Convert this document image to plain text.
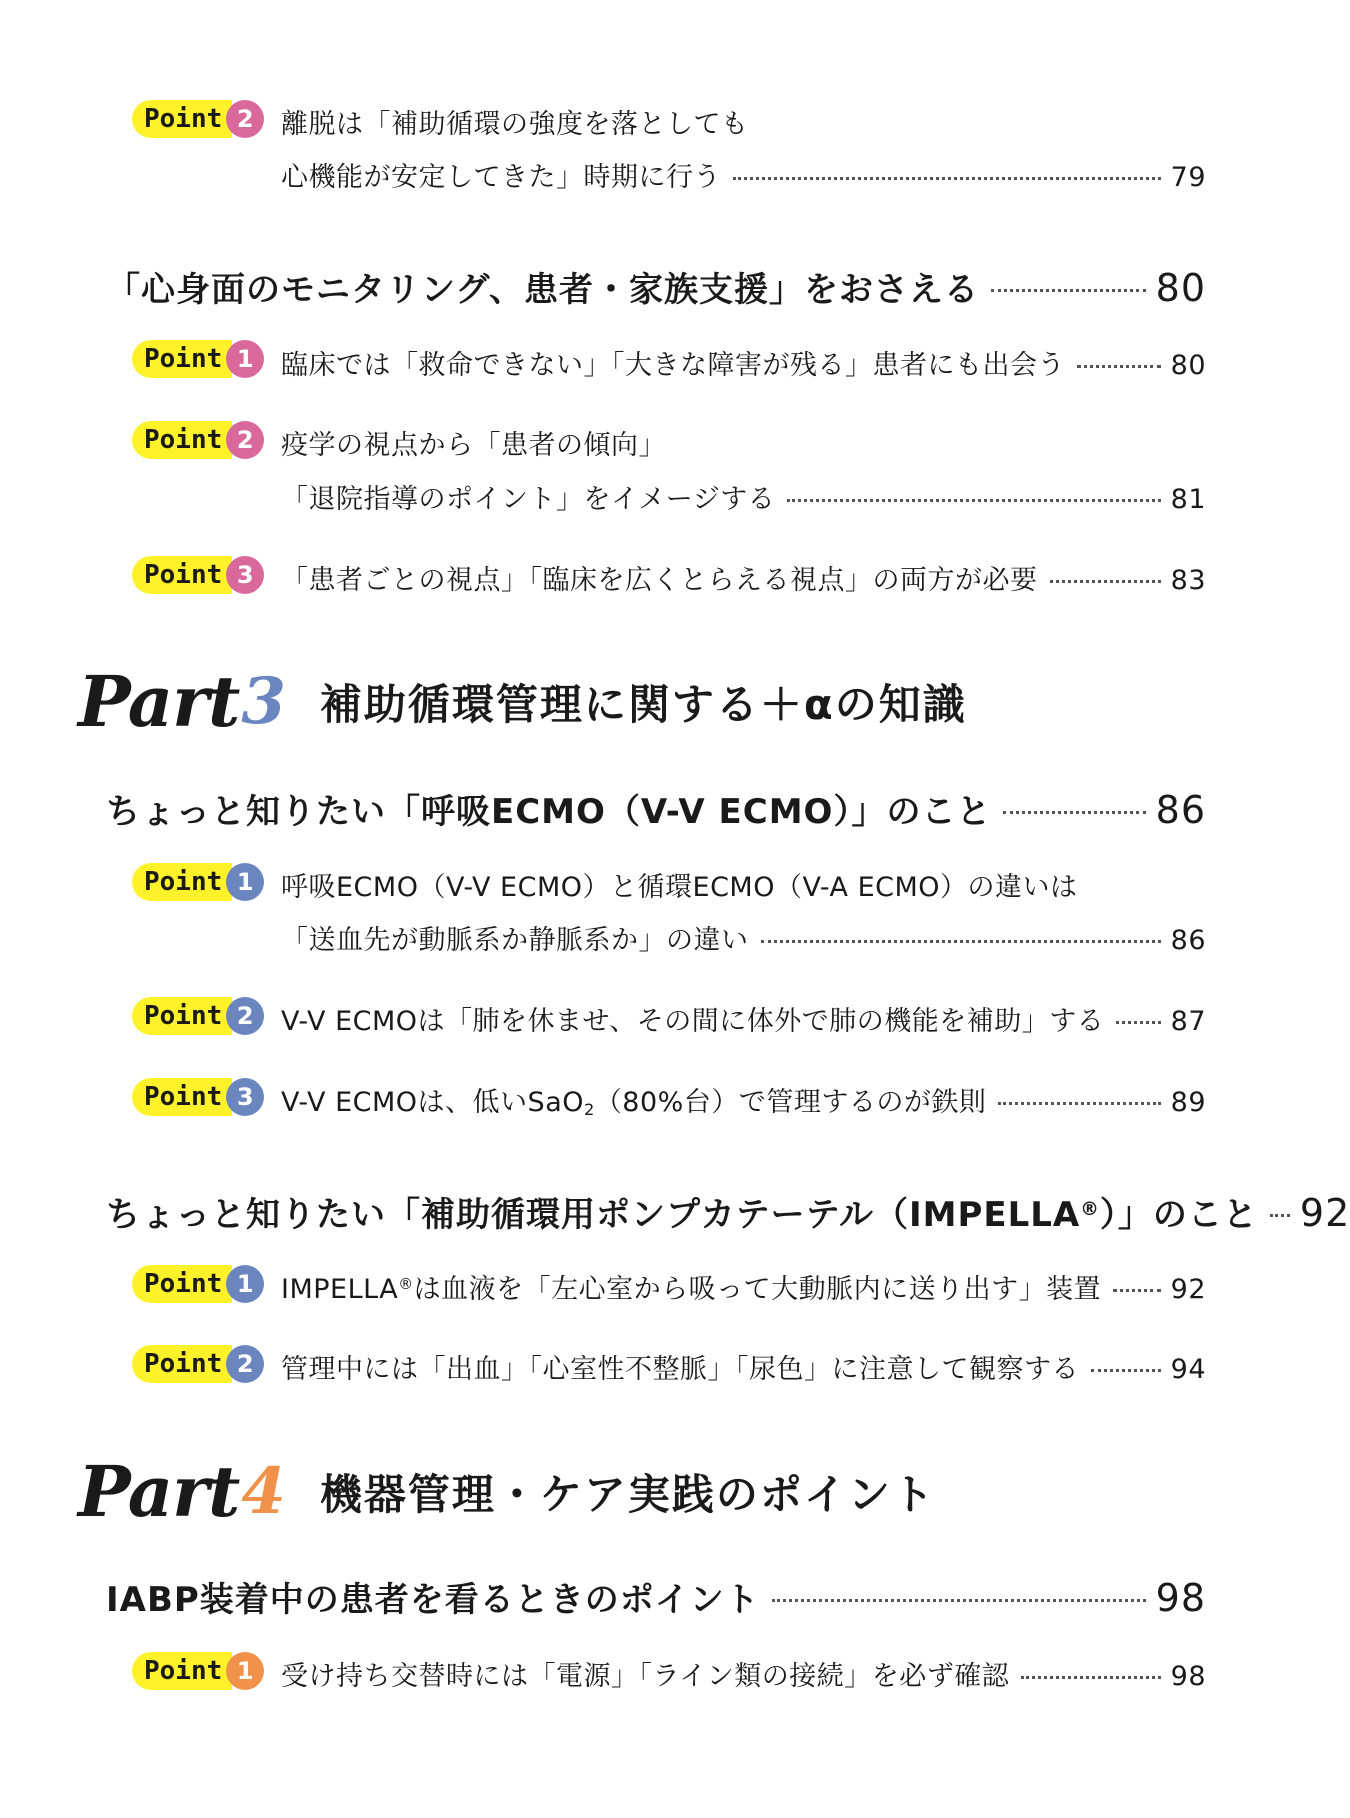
Point 2	離脱は「補助循環の強度を落としても
心機能が安定してきた」時期に行う	79
「心身面のモニタリング、患者・家族支援」をおさえる	80
Point 1	臨床では「救命できない」「大きな障害が残る」患者にも出会う	80
Point 2	疫学の視点から「患者の傾向」
「退院指導のポイント」をイメージする	81
Point 3	「患者ごとの視点」「臨床を広くとらえる視点」の両方が必要	83
Part 3 補助循環管理に関する＋αの知識
ちょっと知りたい「呼吸ECMO（V-V ECMO）」のこと	86
Point 1	呼吸ECMO（V-V ECMO）と循環ECMO（V-A ECMO）の違いは
「送血先が動脈系か静脈系か」の違い	86
Point 2	V-V ECMOは「肺を休ませ、その間に体外で肺の機能を補助」する 87
Point 3	V-V ECMOは、低いSaO$_2$（80%台）で管理するのが鉄則	89
ちょっと知りたい「補助循環用ポンプカテーテル（IMPELLA®）」のこと 92
Point 1	IMPELLA®は血液を「左心室から吸って大動脈内に送り出す」装置	92
Point 2	管理中には「出血」「心室性不整脈」「尿色」に注意して観察する	94
Part 4 機器管理・ケア実践のポイント
IABP装着中の患者を看るときのポイント	98
Point 1	受け持ち交替時には「電源」「ライン類の接続」を必ず確認	98
